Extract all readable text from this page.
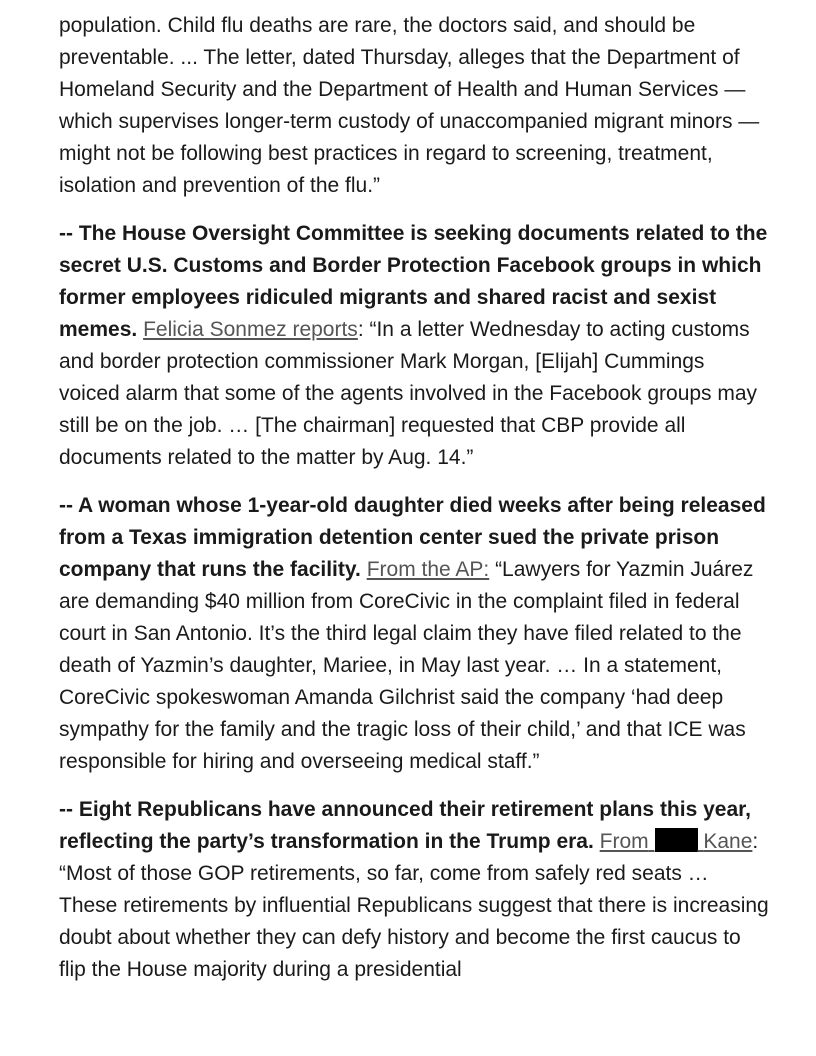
population. Child flu deaths are rare, the doctors said, and should be preventable. ... The letter, dated Thursday, alleges that the Department of Homeland Security and the Department of Health and Human Services — which supervises longer-term custody of unaccompanied migrant minors — might not be following best practices in regard to screening, treatment, isolation and prevention of the flu.”

-- The House Oversight Committee is seeking documents related to the secret U.S. Customs and Border Protection Facebook groups in which former employees ridiculed migrants and shared racist and sexist memes. Felicia Sonmez reports: “In a letter Wednesday to acting customs and border protection commissioner Mark Morgan, [Elijah] Cummings voiced alarm that some of the agents involved in the Facebook groups may still be on the job. … [The chairman] requested that CBP provide all documents related to the matter by Aug. 14.”

-- A woman whose 1-year-old daughter died weeks after being released from a Texas immigration detention center sued the private prison company that runs the facility. From the AP: “Lawyers for Yazmin Juárez are demanding $40 million from CoreCivic in the complaint filed in federal court in San Antonio. It’s the third legal claim they have filed related to the death of Yazmin’s daughter, Mariee, in May last year. … In a statement, CoreCivic spokeswoman Amanda Gilchrist said the company ‘had deep sympathy for the family and the tragic loss of their child,’ and that ICE was responsible for hiring and overseeing medical staff.”

-- Eight Republicans have announced their retirement plans this year, reflecting the party’s transformation in the Trump era. From	Kane: “Most of those GOP retirements, so far, come from safely red seats … These retirements by influential Republicans suggest that there is increasing doubt about whether they can defy history and become the first caucus to flip the House majority during a presidential
